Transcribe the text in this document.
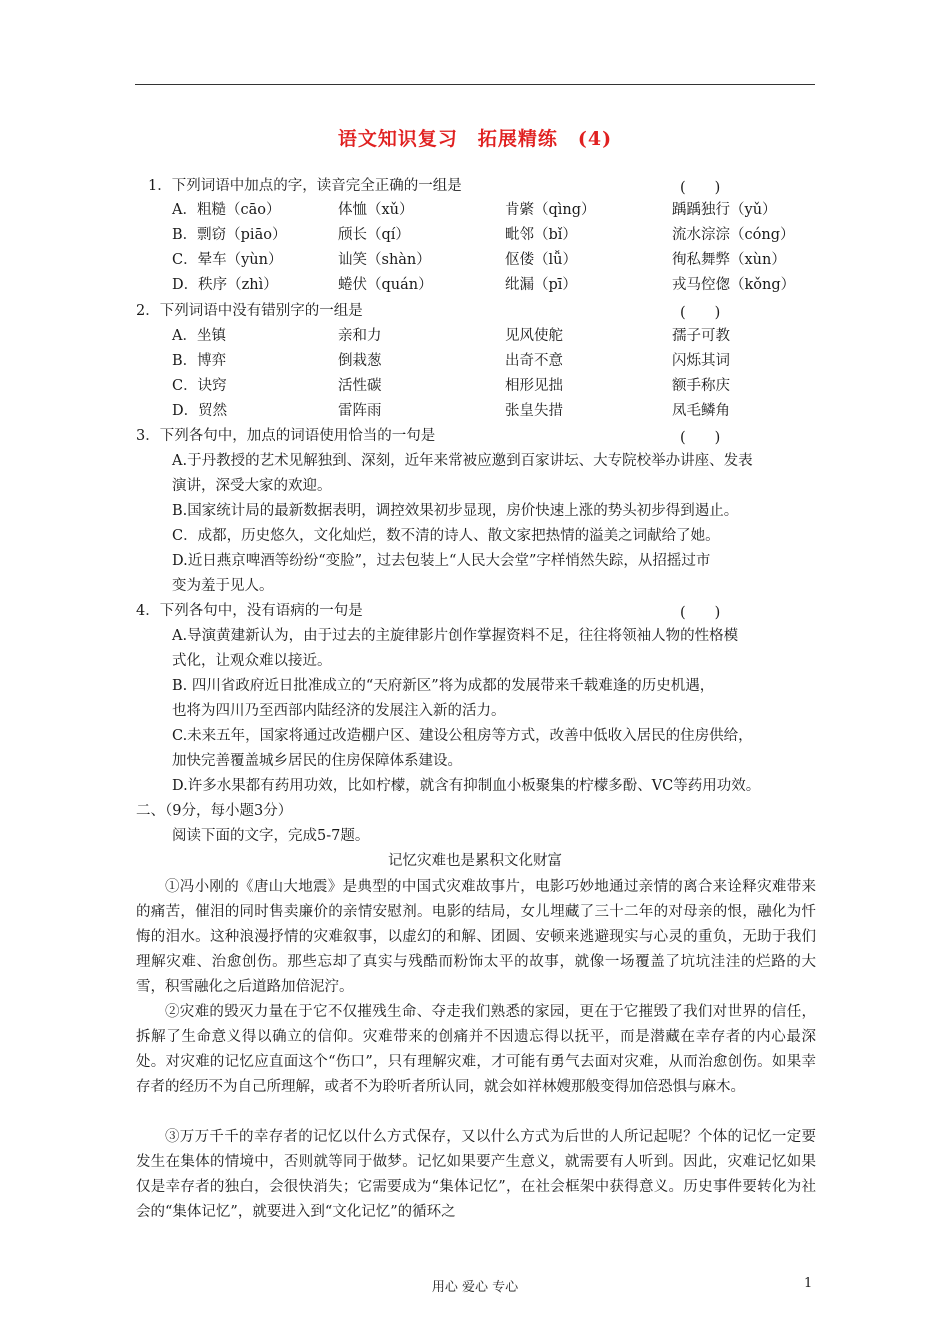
语文知识复习　拓展精练　(4)
1．下列词语中加点的字，读音完全正确的一组是	(　　)
A．粗糙（cāo）	体恤（xǔ）	肯綮（qìng）	踽踽独行（yǔ）
B．剽窃（piāo）	颀长（qí）	毗邻（bǐ）	流水淙淙（cóng）
C．晕车（yùn）	讪笑（shàn）	伛偻（lǚ）	徇私舞弊（xùn）
D．秩序（zhì）	蜷伏（quán）	纰漏（pī）	戎马倥偬（kǒng）
2．下列词语中没有错别字的一组是	(　　)
A．坐镇	亲和力	见风使舵	孺子可教
B．博弈	倒栽葱	出奇不意	闪烁其词
C．诀窍	活性碳	相形见拙	额手称庆
D．贸然	雷阵雨	张皇失措	凤毛鳞角
3．下列各句中，加点的词语使用恰当的一句是	(　　)
A.于丹教授的艺术见解独到、深刻，近年来常被应邀到百家讲坛、大专院校举办讲座、发表
演讲，深受大家的欢迎。
B.国家统计局的最新数据表明，调控效果初步显现，房价快速上涨的势头初步得到遏止。
C．成都，历史悠久，文化灿烂，数不清的诗人、散文家把热情的溢美之词献给了她。
D.近日燕京啤酒等纷纷“变脸”，过去包装上“人民大会堂”字样悄然失踪，从招摇过市
变为羞于见人。
4．下列各句中，没有语病的一句是	(　　)
A.导演黄建新认为，由于过去的主旋律影片创作掌握资料不足，往往将领袖人物的性格模
式化，让观众难以接近。
B. 四川省政府近日批准成立的“天府新区”将为成都的发展带来千载难逢的历史机遇，
也将为四川乃至西部内陆经济的发展注入新的活力。
C.未来五年，国家将通过改造棚户区、建设公租房等方式，改善中低收入居民的住房供给，
加快完善覆盖城乡居民的住房保障体系建设。
D.许多水果都有药用功效，比如柠檬，就含有抑制血小板聚集的柠檬多酚、VC等药用功效。
二、（9分，每小题3分）
阅读下面的文字，完成5-7题。
记忆灾难也是累积文化财富
①冯小刚的《唐山大地震》是典型的中国式灾难故事片，电影巧妙地通过亲情的离合来诠释灾难带来的痛苦，催泪的同时售卖廉价的亲情安慰剂。电影的结局，女儿埋藏了三十二年的对母亲的恨，融化为忏悔的泪水。这种浪漫抒情的灾难叙事，以虚幻的和解、团圆、安顿来逃避现实与心灵的重负，无助于我们理解灾难、治愈创伤。那些忘却了真实与残酷而粉饰太平的故事，就像一场覆盖了坑坑洼洼的烂路的大雪，积雪融化之后道路加倍泥泞。
②灾难的毁灭力量在于它不仅摧残生命、夺走我们熟悉的家园，更在于它摧毁了我们对世界的信任，拆解了生命意义得以确立的信仰。灾难带来的创痛并不因遗忘得以抚平，而是潜藏在幸存者的内心最深处。对灾难的记忆应直面这个“伤口”，只有理解灾难，才可能有勇气去面对灾难，从而治愈创伤。如果幸存者的经历不为自己所理解，或者不为聆听者所认同，就会如祥林嫂那般变得加倍恐惧与麻木。
③万万千千的幸存者的记忆以什么方式保存，又以什么方式为后世的人所记起呢？个体的记忆一定要发生在集体的情境中，否则就等同于做梦。记忆如果要产生意义，就需要有人听到。因此，灾难记忆如果仅是幸存者的独白，会很快消失；它需要成为“集体记忆”，在社会框架中获得意义。历史事件要转化为社会的“集体记忆”，就要进入到“文化记忆”的循环之
用心 爱心 专心	1
